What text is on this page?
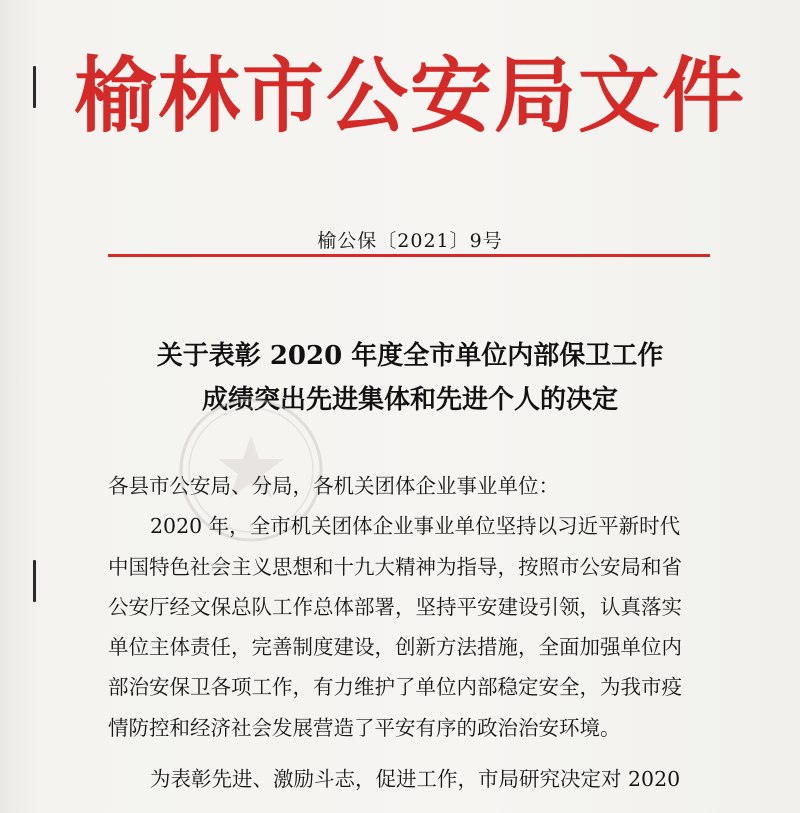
榆林市公安局文件
榆公保〔2021〕9号
关于表彰 2020 年度全市单位内部保卫工作
成绩突出先进集体和先进个人的决定
各县市公安局、分局，各机关团体企业事业单位：
2020 年，全市机关团体企业事业单位坚持以习近平新时代
中国特色社会主义思想和十九大精神为指导，按照市公安局和省
公安厅经文保总队工作总体部署，坚持平安建设引领，认真落实
单位主体责任，完善制度建设，创新方法措施，全面加强单位内
部治安保卫各项工作，有力维护了单位内部稳定安全，为我市疫
情防控和经济社会发展营造了平安有序的政治治安环境。
为表彰先进、激励斗志，促进工作，市局研究决定对 2020
